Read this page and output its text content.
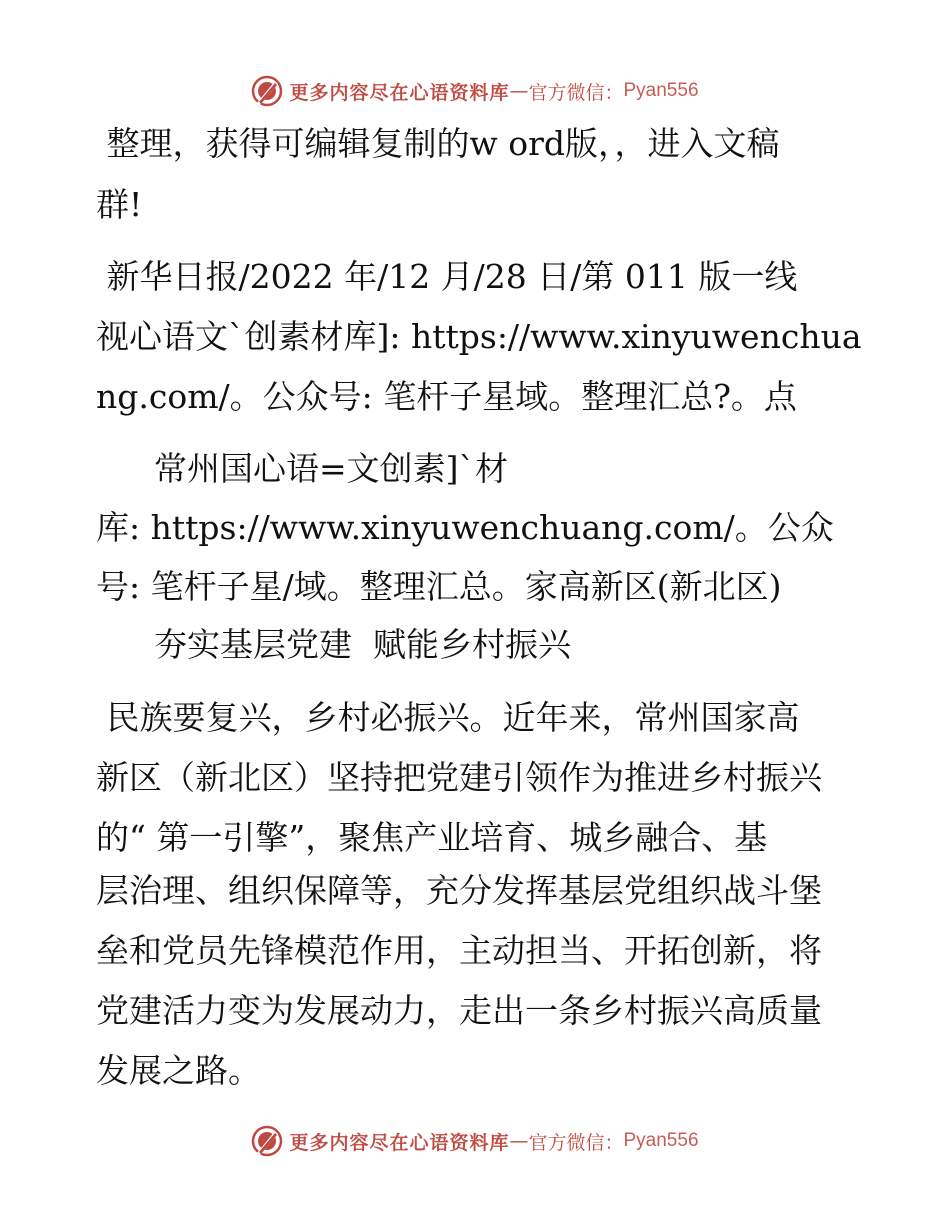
更多内容尽在心语资料库 — 官方微信： Pyan556
整理，获得可编辑复制的w ord版，，进入文稿
群!
新华日报/2022 年/12 月/28 日/第 011 版一线
视心语文`创素材库]: https://www.xinyuwenchua
ng.com/。公众号: 笔杆子星域。整理汇总?。点
常州国心语=文创素]`材
库: https://www.xinyuwenchuang.com/。公众
号: 笔杆子星/域。整理汇总。家高新区(新北区)
夯实基层党建  赋能乡村振兴
民族要复兴，乡村必振兴。近年来，常州国家高
新区（新北区）坚持把党建引领作为推进乡村振兴
的“ 第一引擎”，聚焦产业培育、城乡融合、基
层治理、组织保障等，充分发挥基层党组织战斗堡
垒和党员先锋模范作用，主动担当、开拓创新，将
党建活力变为发展动力，走出一条乡村振兴高质量
发展之路。
更多内容尽在心语资料库 — 官方微信： Pyan556
